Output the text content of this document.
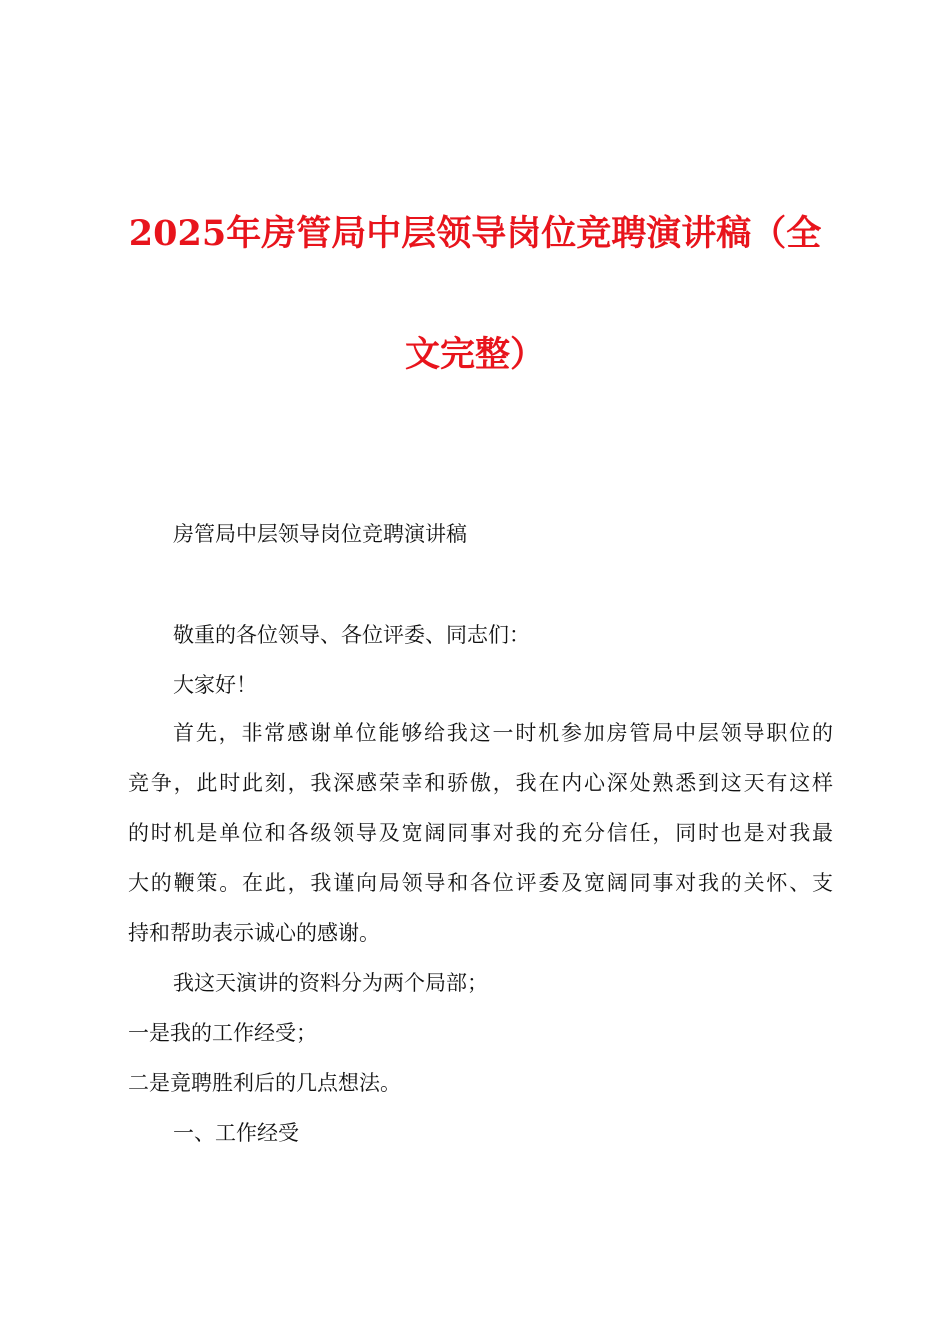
2025年房管局中层领导岗位竞聘演讲稿（全
文完整）

房管局中层领导岗位竞聘演讲稿

敬重的各位领导、各位评委、同志们：

大家好！

首先，非常感谢单位能够给我这一时机参加房管局中层领导职位的
竞争，此时此刻，我深感荣幸和骄傲，我在内心深处熟悉到这天有这样
的时机是单位和各级领导及宽阔同事对我的充分信任，同时也是对我最
大的鞭策。在此，我谨向局领导和各位评委及宽阔同事对我的关怀、支
持和帮助表示诚心的感谢。

我这天演讲的资料分为两个局部；

一是我的工作经受；

二是竟聘胜利后的几点想法。

一、工作经受
